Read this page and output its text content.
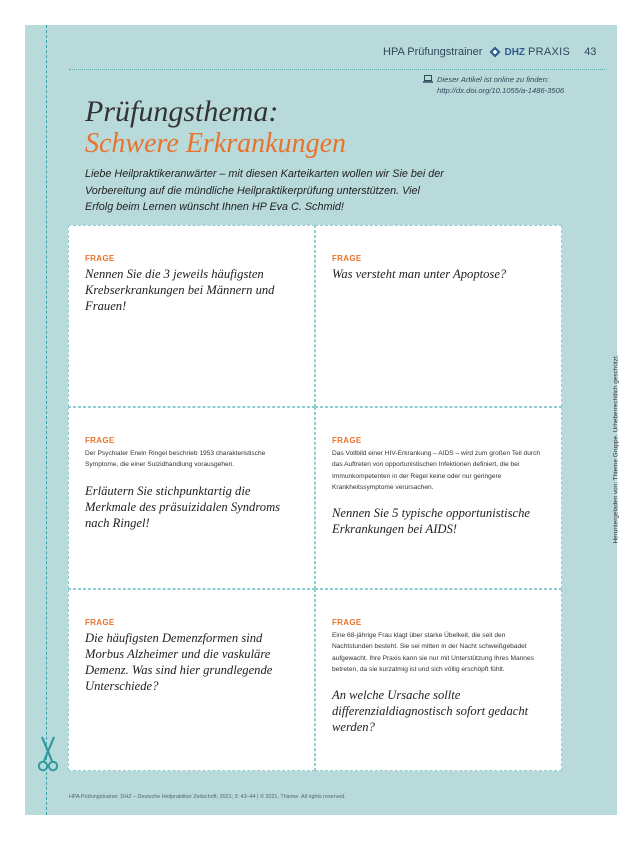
HPA Prüfungstrainer DHZ PRAXIS 43
Dieser Artikel ist online zu finden:
http://dx.doi.org/10.1055/a-1486-3506
Prüfungsthema:
Schwere Erkrankungen
Liebe Heilpraktikeranwärter – mit diesen Karteikarten wollen wir Sie bei der Vorbereitung auf die mündliche Heilpraktikerprüfung unterstützen. Viel Erfolg beim Lernen wünscht Ihnen HP Eva C. Schmid!
FRAGE
Nennen Sie die 3 jeweils häufigsten Krebserkrankungen bei Männern und Frauen!
FRAGE
Was versteht man unter Apoptose?
FRAGE
Der Psychiater Erwin Ringel beschrieb 1953 charakteristische Symptome, die einer Suizidhandlung vorausgehen.
Erläutern Sie stichpunktartig die Merkmale des präsuizidalen Syndroms nach Ringel!
FRAGE
Das Vollbild einer HIV-Erkrankung – AIDS – wird zum großen Teil durch das Auftreten von opportunistischen Infektionen definiert, die bei Immunkompetenten in der Regel keine oder nur geringere Krankheitssymptome verursachen.
Nennen Sie 5 typische opportunistische Erkrankungen bei AIDS!
FRAGE
Die häufigsten Demenzformen sind Morbus Alzheimer und die vaskuläre Demenz. Was sind hier grundlegende Unterschiede?
FRAGE
Eine 68-jährige Frau klagt über starke Übelkeit, die seit den Nachtstunden besteht. Sie sei mitten in der Nacht schweißgebadet aufgewacht. Ihre Praxis kann sie nur mit Unterstützung Ihres Mannes betreten, da sie kurzatmig ist und sich völlig erschöpft fühlt.
An welche Ursache sollte differenzialdiagnostisch sofort gedacht werden?
Heruntergeladen von: Thieme Gruppe. Urheberrechtlich geschützt.
HPA Prüfungstrainer. DHZ – Deutsche Heilpraktiker Zeitschrift; 2021; 3: 43–44 | © 2021. Thieme. All rights reserved.
